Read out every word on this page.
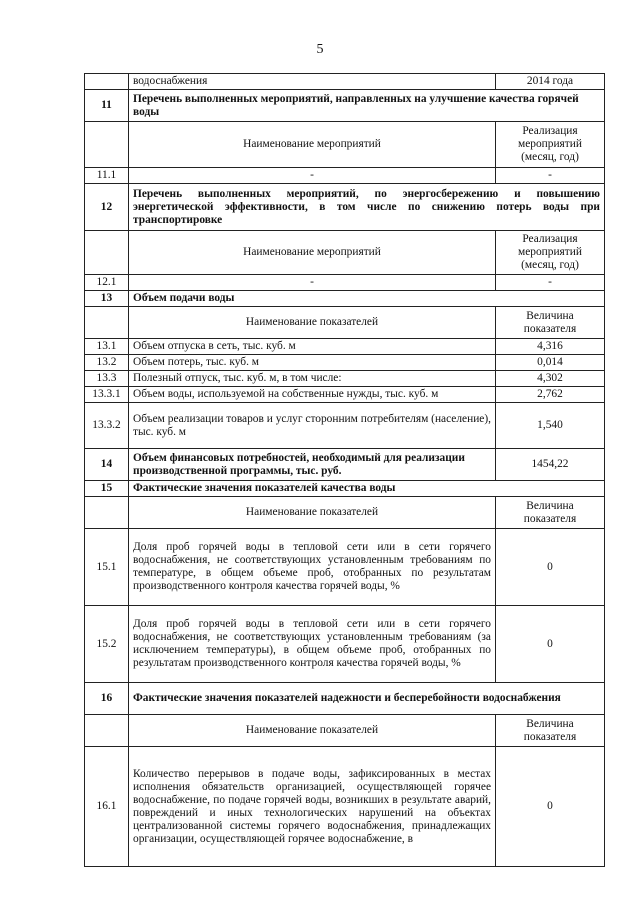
5
	водоснабжения	2014 года
11	Перечень выполненных мероприятий, направленных на улучшение качества горячей воды	
	Наименование мероприятий	Реализация мероприятий (месяц, год)
11.1	-	-
12	Перечень выполненных мероприятий, по энергосбережению и повышению энергетической эффективности, в том числе по снижению потерь воды при транспортировке	
	Наименование мероприятий	Реализация мероприятий (месяц, год)
12.1	-	-
13	Объем подачи воды	
	Наименование показателей	Величина показателя
13.1	Объем отпуска в сеть, тыс. куб. м	4,316
13.2	Объем потерь, тыс. куб. м	0,014
13.3	Полезный отпуск, тыс. куб. м, в том числе:	4,302
13.3.1	Объем воды, используемой на собственные нужды, тыс. куб. м	2,762
13.3.2	Объем реализации товаров и услуг сторонним потребителям (население), тыс. куб. м	1,540
14	Объем финансовых потребностей, необходимый для реализации производственной программы, тыс. руб.	1454,22
15	Фактические значения показателей качества воды	
	Наименование показателей	Величина показателя
15.1	Доля проб горячей воды в тепловой сети или в сети горячего водоснабжения, не соответствующих установленным требованиям по температуре, в общем объеме проб, отобранных по результатам производственного контроля качества горячей воды, %	0
15.2	Доля проб горячей воды в тепловой сети или в сети горячего водоснабжения, не соответствующих установленным требованиям (за исключением температуры), в общем объеме проб, отобранных по результатам производственного контроля качества горячей воды, %	0
16	Фактические значения показателей надежности и бесперебойности водоснабжения	
	Наименование показателей	Величина показателя
16.1	Количество перерывов в подаче воды, зафиксированных в местах исполнения обязательств организацией, осуществляющей горячее водоснабжение, по подаче горячей воды, возникших в результате аварий, повреждений и иных технологических нарушений на объектах централизованной системы горячего водоснабжения, принадлежащих организации, осуществляющей горячее водоснабжение, в	0
